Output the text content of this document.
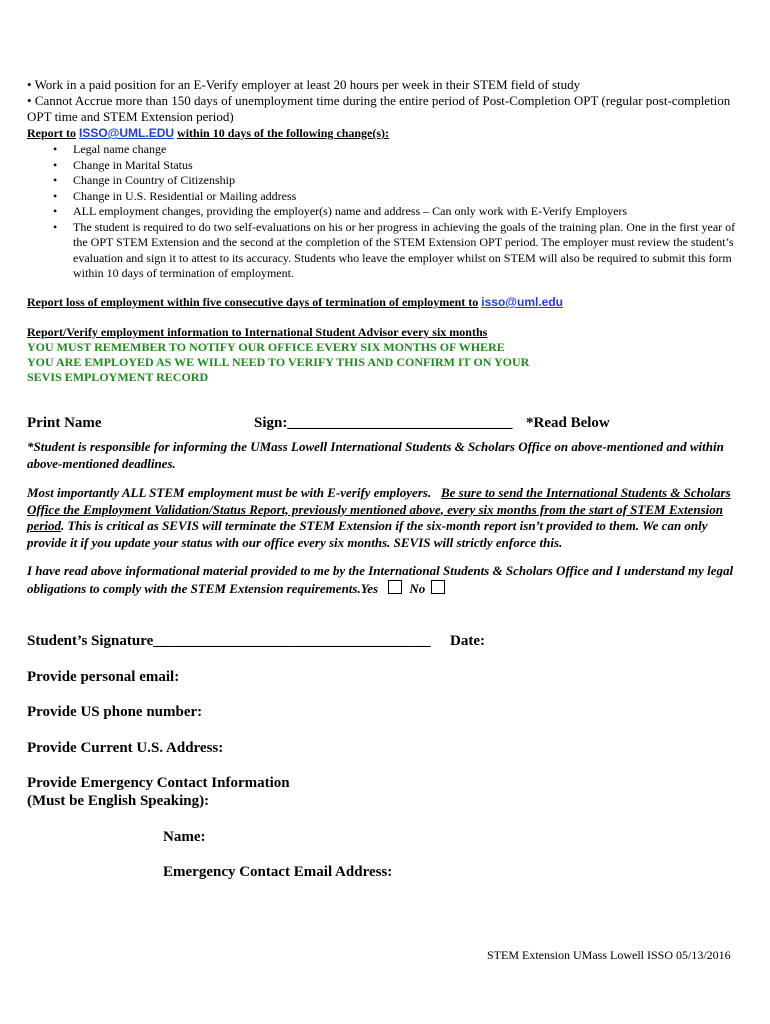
• Work in a paid position for an E-Verify employer at least 20 hours per week in their STEM field of study
• Cannot Accrue more than 150 days of unemployment time during the entire period of Post-Completion OPT (regular post-completion OPT time and STEM Extension period)
Report to ISSO@UML.EDU within 10 days of the following change(s):
• Legal name change
• Change in Marital Status
• Change in Country of Citizenship
• Change in U.S. Residential or Mailing address
• ALL employment changes, providing the employer(s) name and address – Can only work with E-Verify Employers
• The student is required to do two self-evaluations on his or her progress in achieving the goals of the training plan. One in the first year of the OPT STEM Extension and the second at the completion of the STEM Extension OPT period. The employer must review the student’s evaluation and sign it to attest to its accuracy. Students who leave the employer whilst on STEM will also be required to submit this form within 10 days of termination of employment.
Report loss of employment within five consecutive days of termination of employment to isso@uml.edu
Report/Verify employment information to International Student Advisor every six months
YOU MUST REMEMBER TO NOTIFY OUR OFFICE EVERY SIX MONTHS OF WHERE
YOU ARE EMPLOYED AS WE WILL NEED TO VERIFY THIS AND CONFIRM IT ON YOUR
SEVIS EMPLOYMENT RECORD
Print Name	Sign:______________________________ *Read Below
*Student is responsible for informing the UMass Lowell International Students & Scholars Office on above-mentioned and within above-mentioned deadlines.
Most importantly ALL STEM employment must be with E-verify employers. Be sure to send the International Students & Scholars Office the Employment Validation/Status Report, previously mentioned above, every six months from the start of STEM Extension period. This is critical as SEVIS will terminate the STEM Extension if the six-month report isn’t provided to them. We can only provide it if you update your status with our office every six months. SEVIS will strictly enforce this.
I have read above informational material provided to me by the International Students & Scholars Office and I understand my legal obligations to comply with the STEM Extension requirements.Yes No
Student’s Signature_____________________________________ Date:
Provide personal email:
Provide US phone number:
Provide Current U.S. Address:
Provide Emergency Contact Information
(Must be English Speaking):
Name:
Emergency Contact Email Address:
STEM Extension UMass Lowell ISSO 05/13/2016
